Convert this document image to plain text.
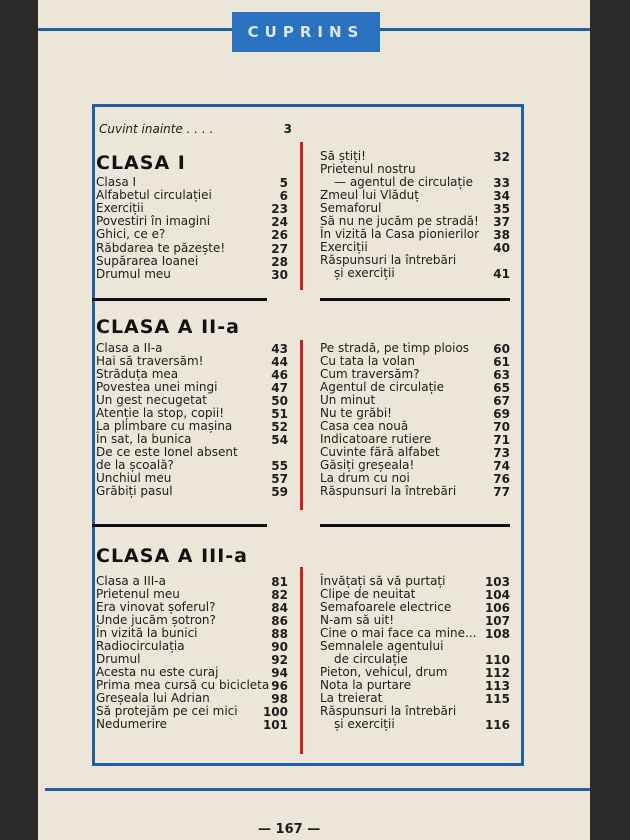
CUPRINS
Cuvint inainte . . . .	3
CLASA I
Clasa I	5
Alfabetul circulației	6
Exerciții	23
Povestiri în imagini	24
Ghici, ce e?	26
Răbdarea te păzește!	27
Supărarea Ioanei	28
Drumul meu	30
Să știți!	32
Prietenul nostru
— agentul de circulație	33
Zmeul lui Vlăduț	34
Semaforul	35
Să nu ne jucăm pe stradă!	37
În vizită la Casa pionierilor	38
Exerciții	40
Răspunsuri la întrebări
și exerciții	41
CLASA A II-a
Clasa a II-a	43
Hai să traversăm!	44
Străduța mea	46
Povestea unei mingi	47
Un gest necugetat	50
Atenție la stop, copii!	51
La plimbare cu mașina	52
În sat, la bunica	54
De ce este Ionel absent
de la școală?	55
Unchiul meu	57
Grăbiți pasul	59
Pe stradă, pe timp ploios	60
Cu tata la volan	61
Cum traversăm?	63
Agentul de circulație	65
Un minut	67
Nu te grăbi!	69
Casa cea nouă	70
Indicatoare rutiere	71
Cuvinte fără alfabet	73
Găsiți greșeala!	74
La drum cu noi	76
Răspunsuri la întrebări	77
CLASA A III-a
Clasa a III-a	81
Prietenul meu	82
Era vinovat șoferul?	84
Unde jucăm șotron?	86
În vizită la bunici	88
Radiocirculația	90
Drumul	92
Acesta nu este curaj	94
Prima mea cursă cu bicicleta 96
Greșeala lui Adrian	98
Să protejăm pe cei mici 100
Nedumerire	101
Învățați să vă purtați	103
Clipe de neuitat	104
Semafoarele electrice	106
N-am să uit!	107
Cine o mai face ca mine... 108
Semnalele agentului
de circulație	110
Pieton, vehicul, drum	112
Nota la purtare	113
La treierat	115
Răspunsuri la întrebări
și exerciții	116
— 167 —
